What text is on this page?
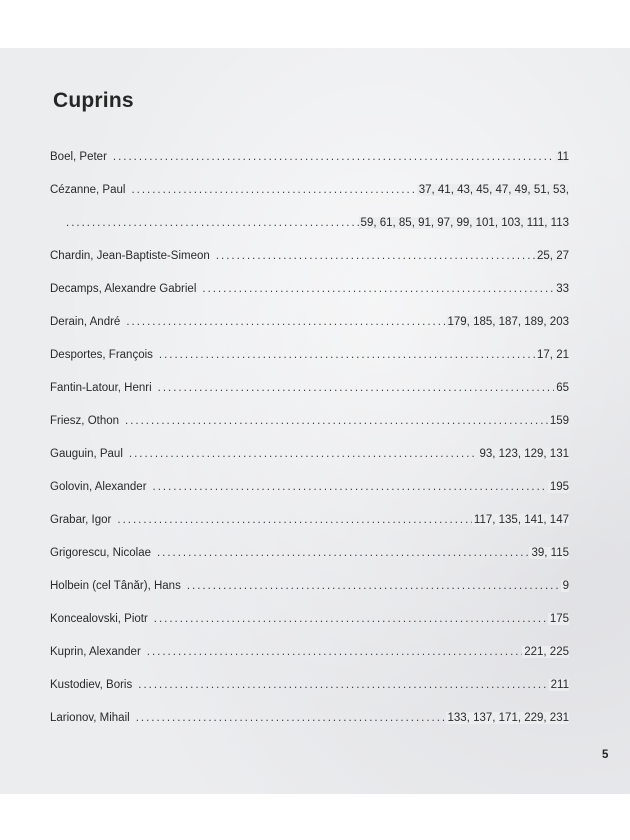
Cuprins
Boel, Peter . . .	11
Cézanne, Paul . . .	37, 41, 43, 45, 47, 49, 51, 53,
. . .
59, 61, 85, 91, 97, 99, 101, 103, 111, 113
Chardin, Jean-Baptiste-Simeon . . .	25, 27
Decamps, Alexandre Gabriel . . .	33
Derain, André . . .	179, 185, 187, 189, 203
Desportes, François . . .	17, 21
Fantin-Latour, Henri . . .	65
Friesz, Othon . . .	159
Gauguin, Paul . . .	93, 123, 129, 131
Golovin, Alexander . . .	195
Grabar, Igor . . .	117, 135, 141, 147
Grigorescu, Nicolae . . .	39, 115
Holbein (cel Tânăr), Hans . . .	9
Koncealovski, Piotr . . .	175
Kuprin, Alexander . . .	221, 225
Kustodiev, Boris . . .	211
Larionov, Mihail . . .	133, 137, 171, 229, 231
5
